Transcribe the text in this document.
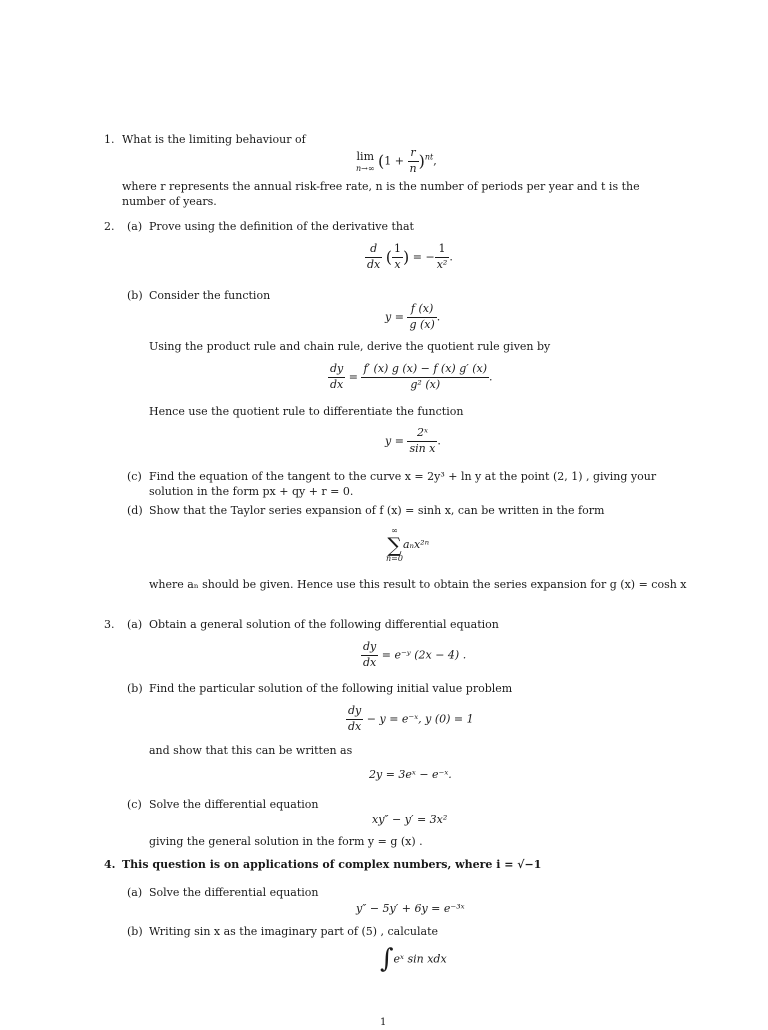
1. What is the limiting behaviour of
lim
n→∞ $(1 + \frac{r}{n} )^{nt}$,
where r represents the annual risk-free rate, n is the number of periods per year and t is the number of years.
2. (a) Prove using the definition of the derivative that
$\frac{d}{dx}$ ( $\frac{1}{x}$ ) = − $\frac{1}{\text{x²}}$ .
(b) Consider the function
$y = \frac{f (x)}{g (x)}$ .
Using the product rule and chain rule, derive the quotient rule given by
$\frac{dy}{dx} = \frac{f' (x) g (x) - f (x) g' (x)}{\text{g² (x)}}$ .
Hence use the quotient rule to differentiate the function
$y = \frac{\text{2ˣ}}{\text{sin x}}$ .
(c) Find the equation of the tangent to the curve x = 2y³ + ln y at the point (2, 1) , giving your
solution in the form px + qy + r = 0.
(d) Show that the Taylor series expansion of f (x) = sinh x, can be written in the form
∞
∑
n=0
aₙx²ⁿ
where aₙ should be given. Hence use this result to obtain the series expansion for g (x) = cosh x
3. (a) Obtain a general solution of the following differential equation
$\frac{dy}{dx}$ = e⁻ʸ (2x − 4) .
(b) Find the particular solution of the following initial value problem
$\frac{dy}{dx} - y$ = e⁻ˣ, y (0) = 1
and show that this can be written as
2y = 3eˣ − e⁻ˣ.
(c) Solve the differential equation
xy″ − y′ = 3x²
giving the general solution in the form y = g (x) .
4. This question is on applications of complex numbers, where i = √−1
(a) Solve the differential equation
y″ − 5y′ + 6y = e⁻³ˣ
(b) Writing sin x as the imaginary part of (5) , calculate
∫eˣ sin xdx
1
